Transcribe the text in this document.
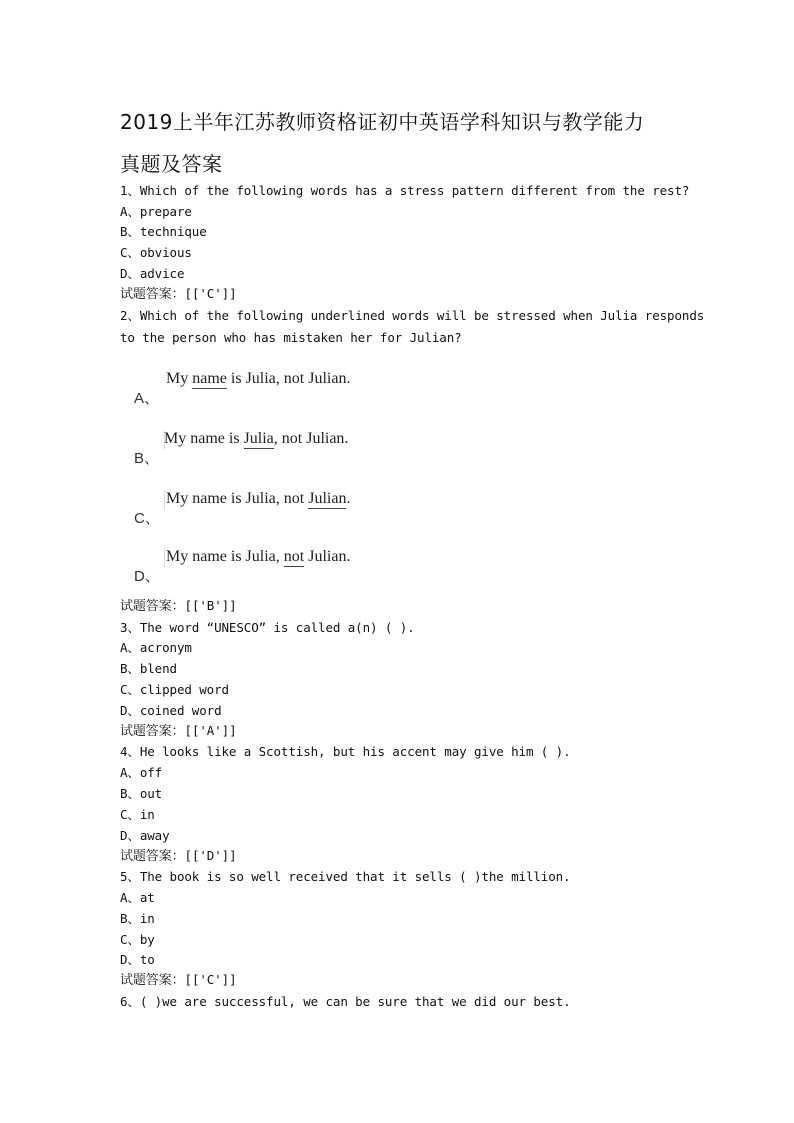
2019上半年江苏教师资格证初中英语学科知识与教学能力
真题及答案
1、Which of the following words has a stress pattern different from the rest?
A、prepare
B、technique
C、obvious
D、advice
试题答案：[['C']]
2、Which of the following underlined words will be stressed when Julia responds
to the person who has mistaken her for Julian?
A、
My name is Julia, not Julian.
B、
My name is Julia, not Julian.
C、
My name is Julia, not Julian.
D、
My name is Julia, not Julian.
试题答案：[['B']]
3、The word “UNESCO” is called a(n) ( ).
A、acronym
B、blend
C、clipped word
D、coined word
试题答案：[['A']]
4、He looks like a Scottish, but his accent may give him ( ).
A、off
B、out
C、in
D、away
试题答案：[['D']]
5、The book is so well received that it sells ( )the million.
A、at
B、in
C、by
D、to
试题答案：[['C']]
6、( )we are successful, we can be sure that we did our best.
